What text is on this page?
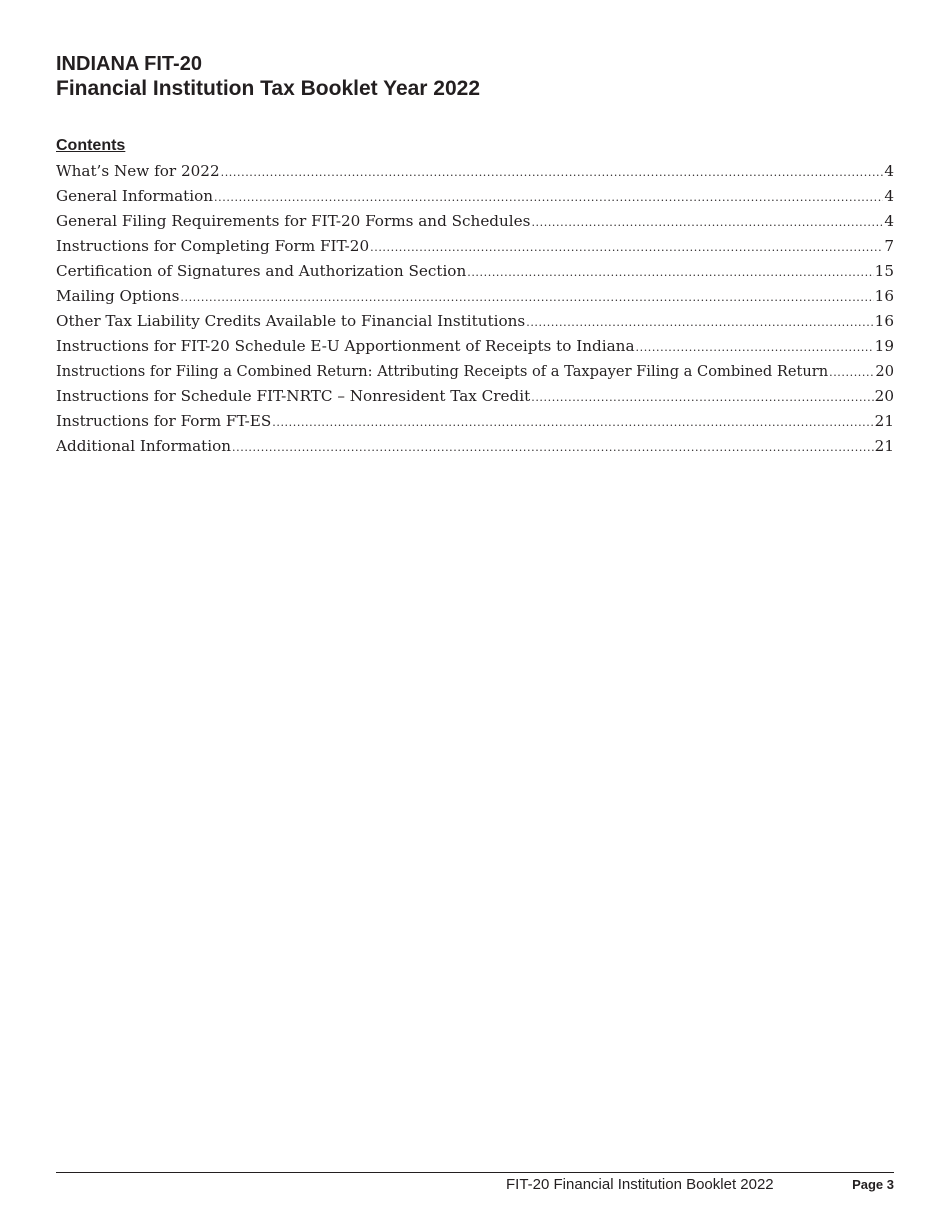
INDIANA FIT-20
Financial Institution Tax Booklet Year 2022
Contents
What’s New for 2022 .....	4
General Information .....	4
General Filing Requirements for FIT-20 Forms and Schedules .....	4
Instructions for Completing Form FIT-20 .....	7
Certification of Signatures and Authorization Section .....	15
Mailing Options .....	16
Other Tax Liability Credits Available to Financial Institutions .....	16
Instructions for FIT-20 Schedule E-U Apportionment of Receipts to Indiana .....	19
Instructions for Filing a Combined Return: Attributing Receipts of a Taxpayer Filing a Combined Return .....	20
Instructions for Schedule FIT-NRTC – Nonresident Tax Credit .....	20
Instructions for Form FT-ES .....	21
Additional Information .....	21
FIT-20 Financial Institution Booklet 2022	Page 3
